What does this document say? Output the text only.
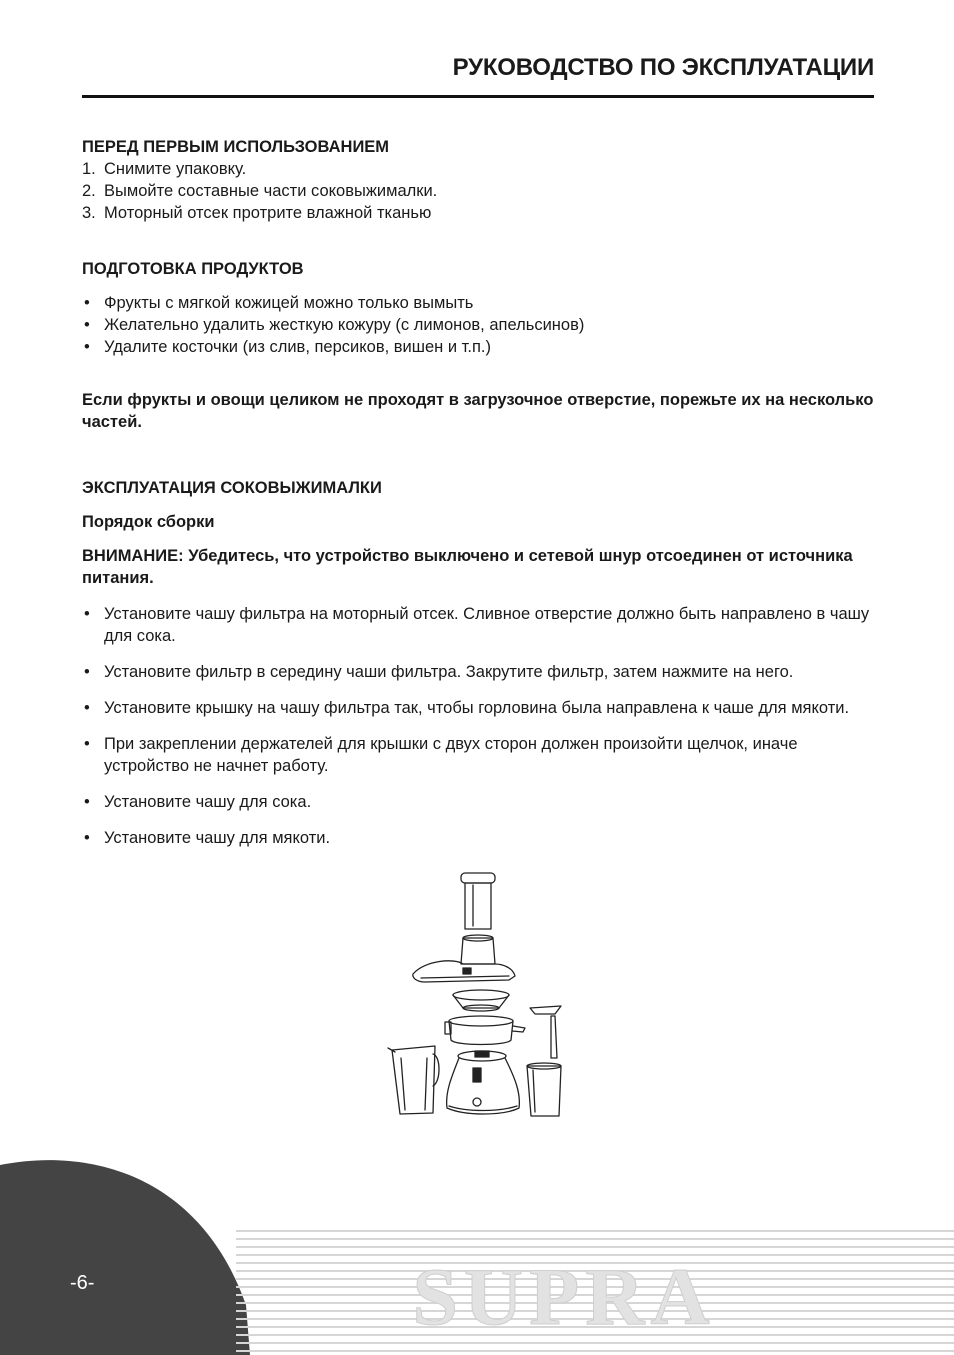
РУКОВОДСТВО ПО ЭКСПЛУАТАЦИИ

ПЕРЕД ПЕРВЫМ ИСПОЛЬЗОВАНИЕМ

1. Снимите упаковку.
2. Вымойте составные части соковыжималки.
3. Моторный отсек протрите влажной тканью

ПОДГОТОВКА ПРОДУКТОВ

• Фрукты с мягкой кожицей можно только вымыть
• Желательно удалить жесткую кожуру (с лимонов, апельсинов)
• Удалите косточки (из слив, персиков, вишен и т.п.)

Если фрукты и овощи целиком не проходят в загрузочное отверстие, порежьте их на несколько частей.

ЭКСПЛУАТАЦИЯ СОКОВЫЖИМАЛКИ

Порядок сборки

ВНИМАНИЕ: Убедитесь, что устройство выключено и сетевой шнур отсоединен от источника питания.

• Установите чашу фильтра на моторный отсек. Сливное отверстие должно быть направлено в чашу для сока.
• Установите фильтр в середину чаши фильтра. Закрутите фильтр, затем нажмите на него.
• Установите крышку на чашу фильтра так, чтобы горловина была направлена к чаше для мякоти.
• При закреплении держателей для крышки с двух сторон должен произойти щелчок, иначе устройство не начнет работу.
• Установите чашу для сока.
• Установите чашу для мякоти.
-6-	SUPRA
